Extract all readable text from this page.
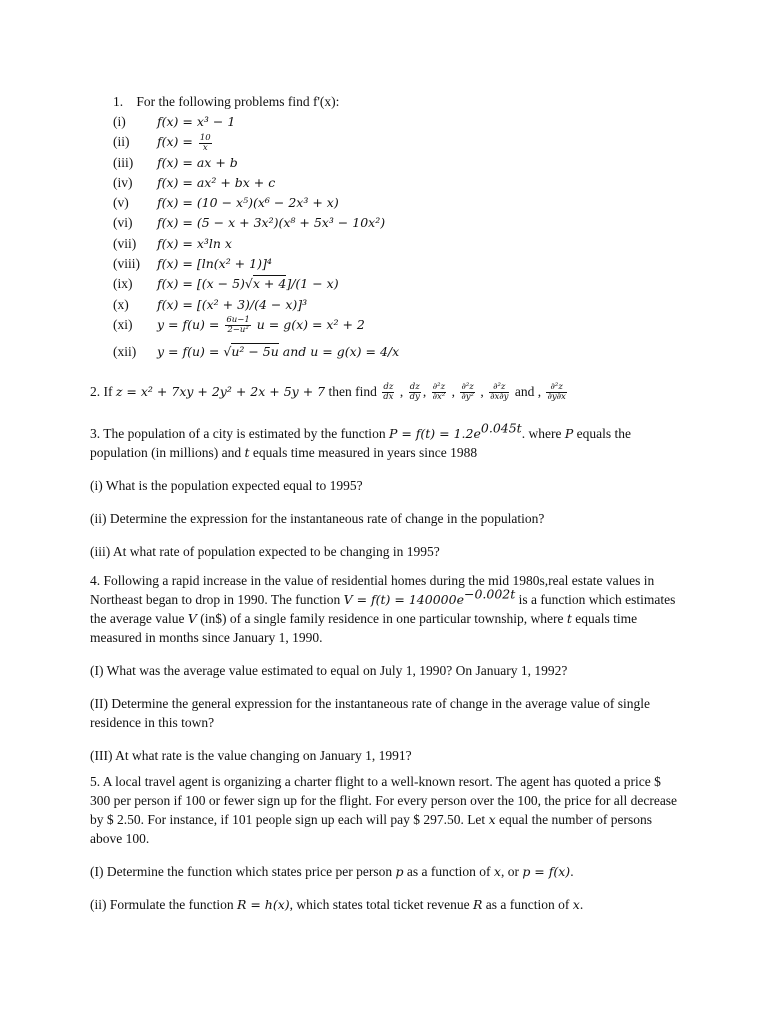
1. For the following problems find f'(x):
(i)	f(x) = x³ − 1
(ii) $f(x) = \frac{10}{x}$
(iii) f(x) = ax + b
(iv) f(x) = ax² + bx + c
(v) f(x) = (10 − x⁵)(x⁶ − 2x³ + x)
(vi) f(x) = (5 − x + 3x²)(x⁸ + 5x³ − 10x²)
(vii) f(x) = x³ln x
(viii) f(x) = [ln(x² + 1)]⁴
(ix) f(x) = [(x − 5)√x + 4]/(1 − x)
(x) f(x) = [(x² + 3)/(4 − x)]³
(xi) $y = f(u) = \frac{6u-1}{\text{2−u²}}$ u = g(x) = x² + 2
(xii) y = f(u) = √u² − 5u and u = g(x) = 4/x

2. If z = x² + 7xy + 2y² + 2x + 5y + 7 then find $\frac{dz}{dx}$ , $\frac{dz}{dy}$ , $\frac{\text{∂²z}}{\text{∂x²}}$ , $\frac{\text{∂²z}}{\text{∂y²}}$ , $\frac{\text{∂²z}}{\partial x\partial y}$ and , $\frac{\text{∂²z}}{\partial y\partial x}$

3. The population of a city is estimated by the function $P = f(t) = 1.2e^{0.045t}$. where P equals the population (in millions) and t equals time measured in years since 1988

(i) What is the population expected equal to 1995?

(ii) Determine the expression for the instantaneous rate of change in the population?

(iii) At what rate of population expected to be changing in 1995?

4. Following a rapid increase in the value of residential homes during the mid 1980s,real estate values in Northeast began to drop in 1990. The function $V = f(t) = 140000e^{-0.002t}$ is a function which estimates the average value V (in$) of a single family residence in one particular township, where t equals time measured in months since January 1, 1990.

(I) What was the average value estimated to equal on July 1, 1990? On January 1, 1992?

(II) Determine the general expression for the instantaneous rate of change in the average value of single residence in this town?

(III) At what rate is the value changing on January 1, 1991?

5. A local travel agent is organizing a charter flight to a well-known resort. The agent has quoted a price $ 300 per person if 100 or fewer sign up for the flight. For every person over the 100, the price for all decrease by $ 2.50. For instance, if 101 people sign up each will pay $ 297.50. Let x equal the number of persons above 100.

(I) Determine the function which states price per person p as a function of x, or p = f(x).

(ii) Formulate the function R = h(x), which states total ticket revenue R as a function of x.
